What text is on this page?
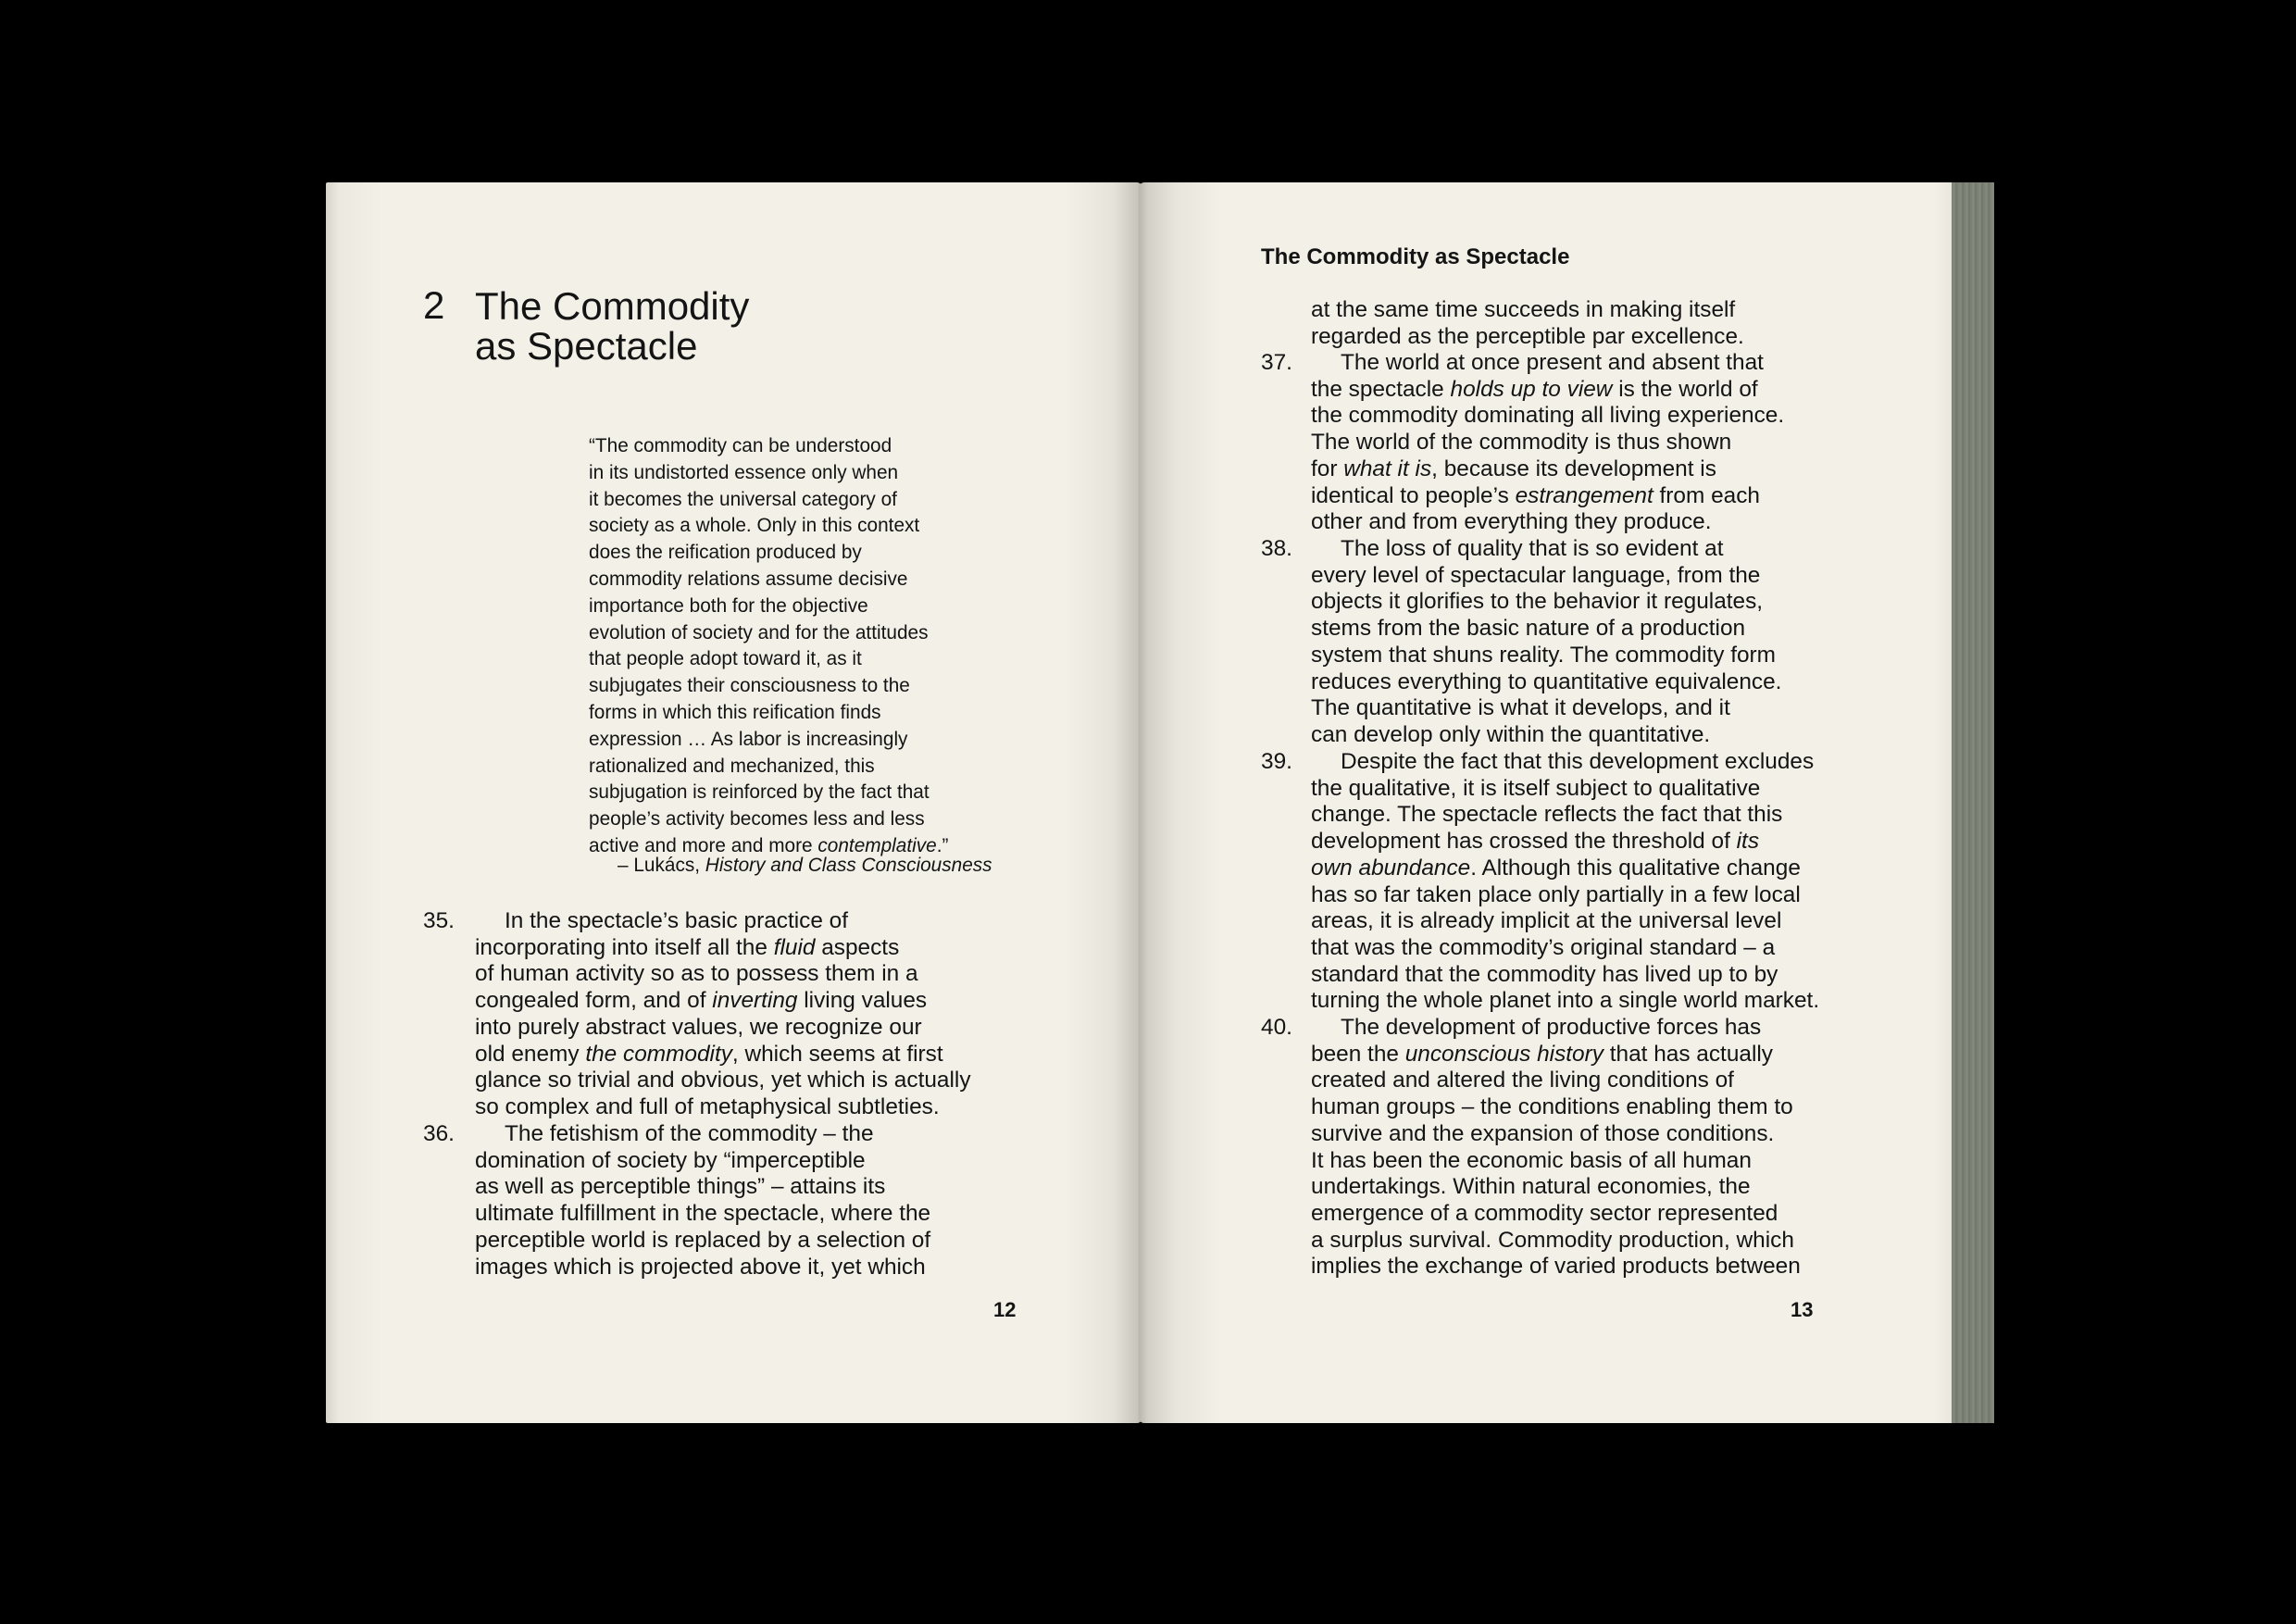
2 The Commodity
as Spectacle
“The commodity can be understood
in its undistorted essence only when
it becomes the universal category of
society as a whole. Only in this context
does the reification produced by
commodity relations assume decisive
importance both for the objective
evolution of society and for the attitudes
that people adopt toward it, as it
subjugates their consciousness to the
forms in which this reification finds
expression … As labor is increasingly
rationalized and mechanized, this
subjugation is reinforced by the fact that
people’s activity becomes less and less
active and more and more contemplative.”
– Lukács, History and Class Consciousness
35.	In the spectacle’s basic practice of
incorporating into itself all the fluid aspects
of human activity so as to possess them in a
congealed form, and of inverting living values
into purely abstract values, we recognize our
old enemy the commodity, which seems at first
glance so trivial and obvious, yet which is actually
so complex and full of metaphysical subtleties.
36.	The fetishism of the commodity – the
domination of society by “imperceptible
as well as perceptible things” – attains its
ultimate fulfillment in the spectacle, where the
perceptible world is replaced by a selection of
images which is projected above it, yet which
12
The Commodity as Spectacle
at the same time succeeds in making itself
regarded as the perceptible par excellence.
37.	The world at once present and absent that
the spectacle holds up to view is the world of
the commodity dominating all living experience.
The world of the commodity is thus shown
for what it is, because its development is
identical to people’s estrangement from each
other and from everything they produce.
38.	The loss of quality that is so evident at
every level of spectacular language, from the
objects it glorifies to the behavior it regulates,
stems from the basic nature of a production
system that shuns reality. The commodity form
reduces everything to quantitative equivalence.
The quantitative is what it develops, and it
can develop only within the quantitative.
39.	Despite the fact that this development excludes
the qualitative, it is itself subject to qualitative
change. The spectacle reflects the fact that this
development has crossed the threshold of its
own abundance. Although this qualitative change
has so far taken place only partially in a few local
areas, it is already implicit at the universal level
that was the commodity’s original standard – a
standard that the commodity has lived up to by
turning the whole planet into a single world market.
40.	The development of productive forces has
been the unconscious history that has actually
created and altered the living conditions of
human groups – the conditions enabling them to
survive and the expansion of those conditions.
It has been the economic basis of all human
undertakings. Within natural economies, the
emergence of a commodity sector represented
a surplus survival. Commodity production, which
implies the exchange of varied products between
13
